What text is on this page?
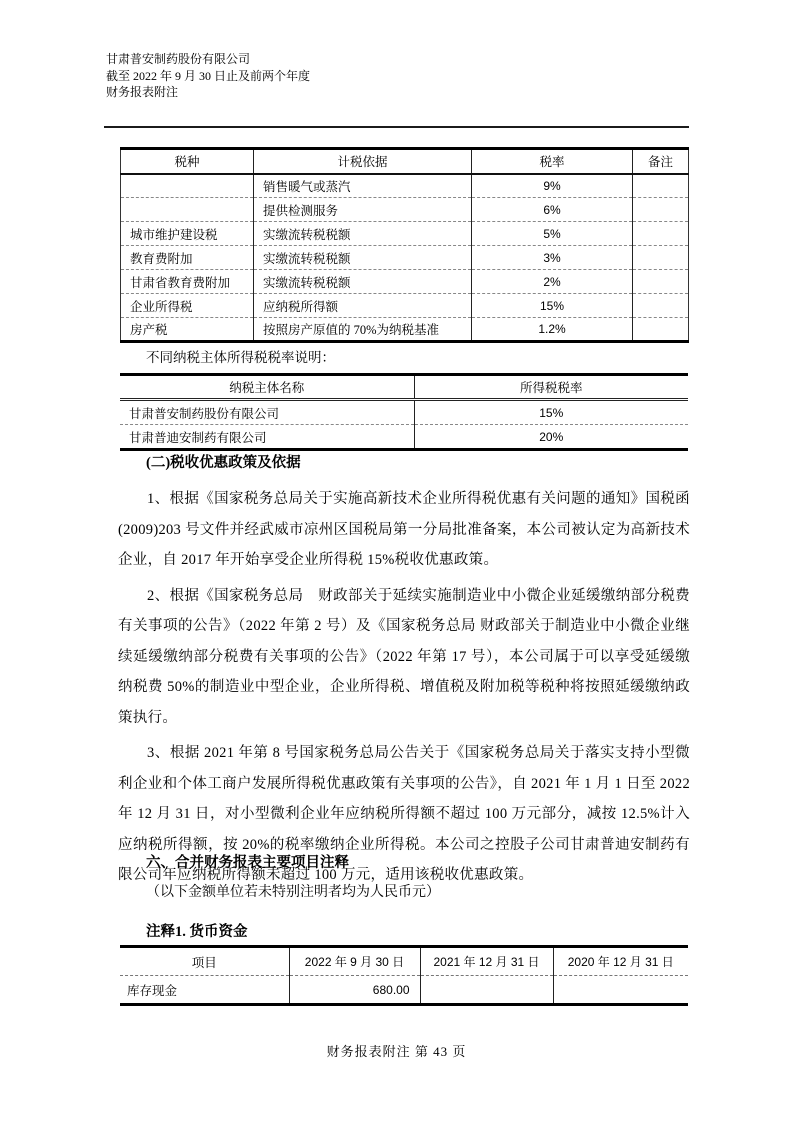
甘肃普安制药股份有限公司
截至 2022 年 9 月 30 日止及前两个年度
财务报表附注
税种	计税依据	税率	备注
	销售暖气或蒸汽	9%	
	提供检测服务	6%	
城市维护建设税	实缴流转税税额	5%	
教育费附加	实缴流转税税额	3%	
甘肃省教育费附加	实缴流转税税额	2%	
企业所得税	应纳税所得额	15%	
房产税	按照房产原值的 70%为纳税基准	1.2%	
不同纳税主体所得税税率说明：
纳税主体名称	所得税税率
甘肃普安制药股份有限公司	15%
甘肃普迪安制药有限公司	20%
(二)税收优惠政策及依据

1、根据《国家税务总局关于实施高新技术企业所得税优惠有关问题的通知》国税函(2009)203 号文件并经武威市凉州区国税局第一分局批准备案，本公司被认定为高新技术企业，自 2017 年开始享受企业所得税 15%税收优惠政策。

2、根据《国家税务总局　财政部关于延续实施制造业中小微企业延缓缴纳部分税费有关事项的公告》（2022 年第 2 号）及《国家税务总局 财政部关于制造业中小微企业继续延缓缴纳部分税费有关事项的公告》（2022 年第 17 号），本公司属于可以享受延缓缴纳税费 50%的制造业中型企业，企业所得税、增值税及附加税等税种将按照延缓缴纳政策执行。

3、根据 2021 年第 8 号国家税务总局公告关于《国家税务总局关于落实支持小型微利企业和个体工商户发展所得税优惠政策有关事项的公告》，自 2021 年 1 月 1 日至 2022 年 12 月 31 日，对小型微利企业年应纳税所得额不超过 100 万元部分，减按 12.5%计入应纳税所得额，按 20%的税率缴纳企业所得税。本公司之控股子公司甘肃普迪安制药有限公司年应纳税所得额未超过 100 万元，适用该税收优惠政策。

六、合并财务报表主要项目注释
（以下金额单位若未特别注明者均为人民币元）
注释1. 货币资金
项目	2022 年 9 月 30 日	2021 年 12 月 31 日	2020 年 12 月 31 日
库存现金	680.00		
财务报表附注 第 43 页
